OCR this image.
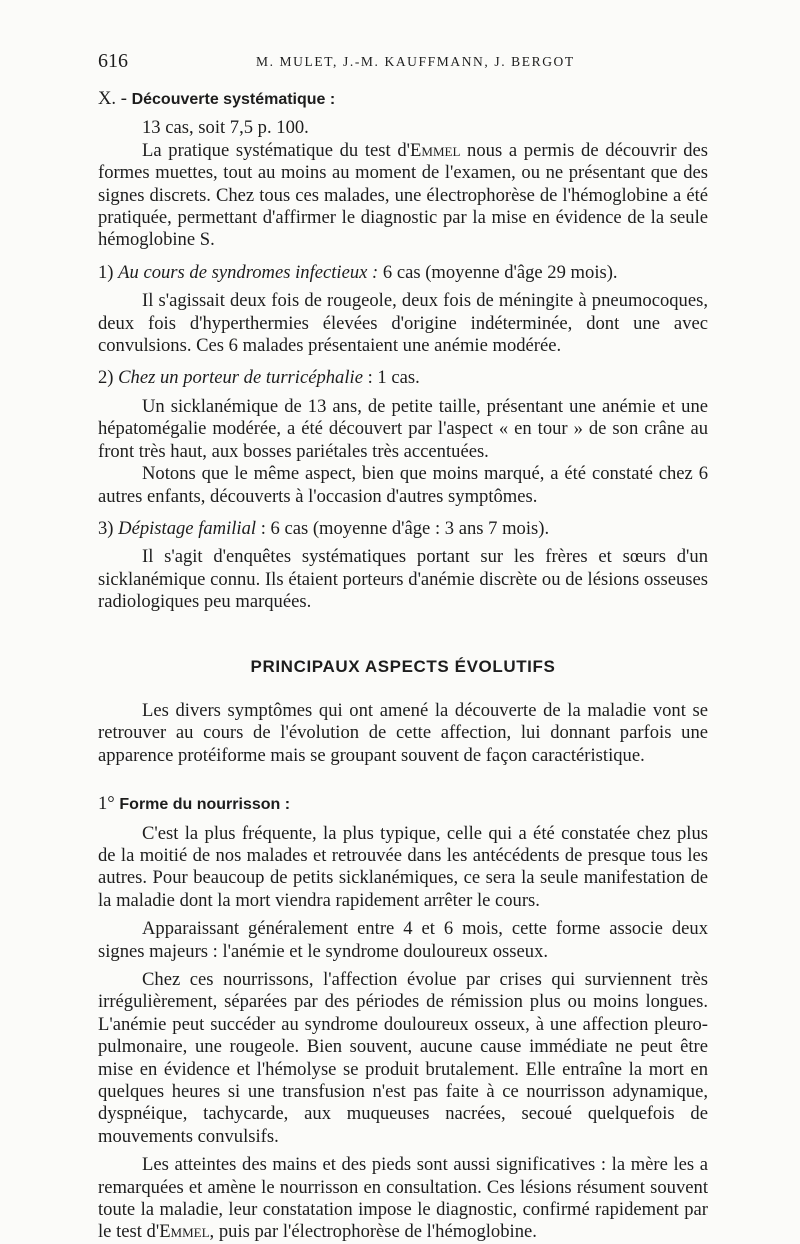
616	M. MULET, J.-M. KAUFFMANN, J. BERGOT

X. - Découverte systématique :

13 cas, soit 7,5 p. 100.

La pratique systématique du test d'Emmel nous a permis de découvrir des formes muettes, tout au moins au moment de l'examen, ou ne présentant que des signes discrets. Chez tous ces malades, une électrophorèse de l'hémoglobine a été pratiquée, permettant d'affirmer le diagnostic par la mise en évidence de la seule hémoglobine S.

1) Au cours de syndromes infectieux : 6 cas (moyenne d'âge 29 mois).

Il s'agissait deux fois de rougeole, deux fois de méningite à pneumocoques, deux fois d'hyperthermies élevées d'origine indéterminée, dont une avec convulsions. Ces 6 malades présentaient une anémie modérée.

2) Chez un porteur de turricéphalie : 1 cas.

Un sicklanémique de 13 ans, de petite taille, présentant une anémie et une hépatomégalie modérée, a été découvert par l'aspect « en tour » de son crâne au front très haut, aux bosses pariétales très accentuées.

Notons que le même aspect, bien que moins marqué, a été constaté chez 6 autres enfants, découverts à l'occasion d'autres symptômes.

3) Dépistage familial : 6 cas (moyenne d'âge : 3 ans 7 mois).

Il s'agit d'enquêtes systématiques portant sur les frères et sœurs d'un sicklanémique connu. Ils étaient porteurs d'anémie discrète ou de lésions osseuses radiologiques peu marquées.

PRINCIPAUX ASPECTS ÉVOLUTIFS

Les divers symptômes qui ont amené la découverte de la maladie vont se retrouver au cours de l'évolution de cette affection, lui donnant parfois une apparence protéiforme mais se groupant souvent de façon caractéristique.

1° Forme du nourrisson :

C'est la plus fréquente, la plus typique, celle qui a été constatée chez plus de la moitié de nos malades et retrouvée dans les antécédents de presque tous les autres. Pour beaucoup de petits sicklanémiques, ce sera la seule manifestation de la maladie dont la mort viendra rapidement arrêter le cours.

Apparaissant généralement entre 4 et 6 mois, cette forme associe deux signes majeurs : l'anémie et le syndrome douloureux osseux.

Chez ces nourrissons, l'affection évolue par crises qui surviennent très irrégulièrement, séparées par des périodes de rémission plus ou moins longues. L'anémie peut succéder au syndrome douloureux osseux, à une affection pleuro-pulmonaire, une rougeole. Bien souvent, aucune cause immédiate ne peut être mise en évidence et l'hémolyse se produit brutalement. Elle entraîne la mort en quelques heures si une transfusion n'est pas faite à ce nourrisson adynamique, dyspnéique, tachycarde, aux muqueuses nacrées, secoué quelquefois de mouvements convulsifs.

Les atteintes des mains et des pieds sont aussi significatives : la mère les a remarquées et amène le nourrisson en consultation. Ces lésions résument souvent toute la maladie, leur constatation impose le diagnostic, confirmé rapidement par le test d'Emmel, puis par l'électrophorèse de l'hémoglobine.
